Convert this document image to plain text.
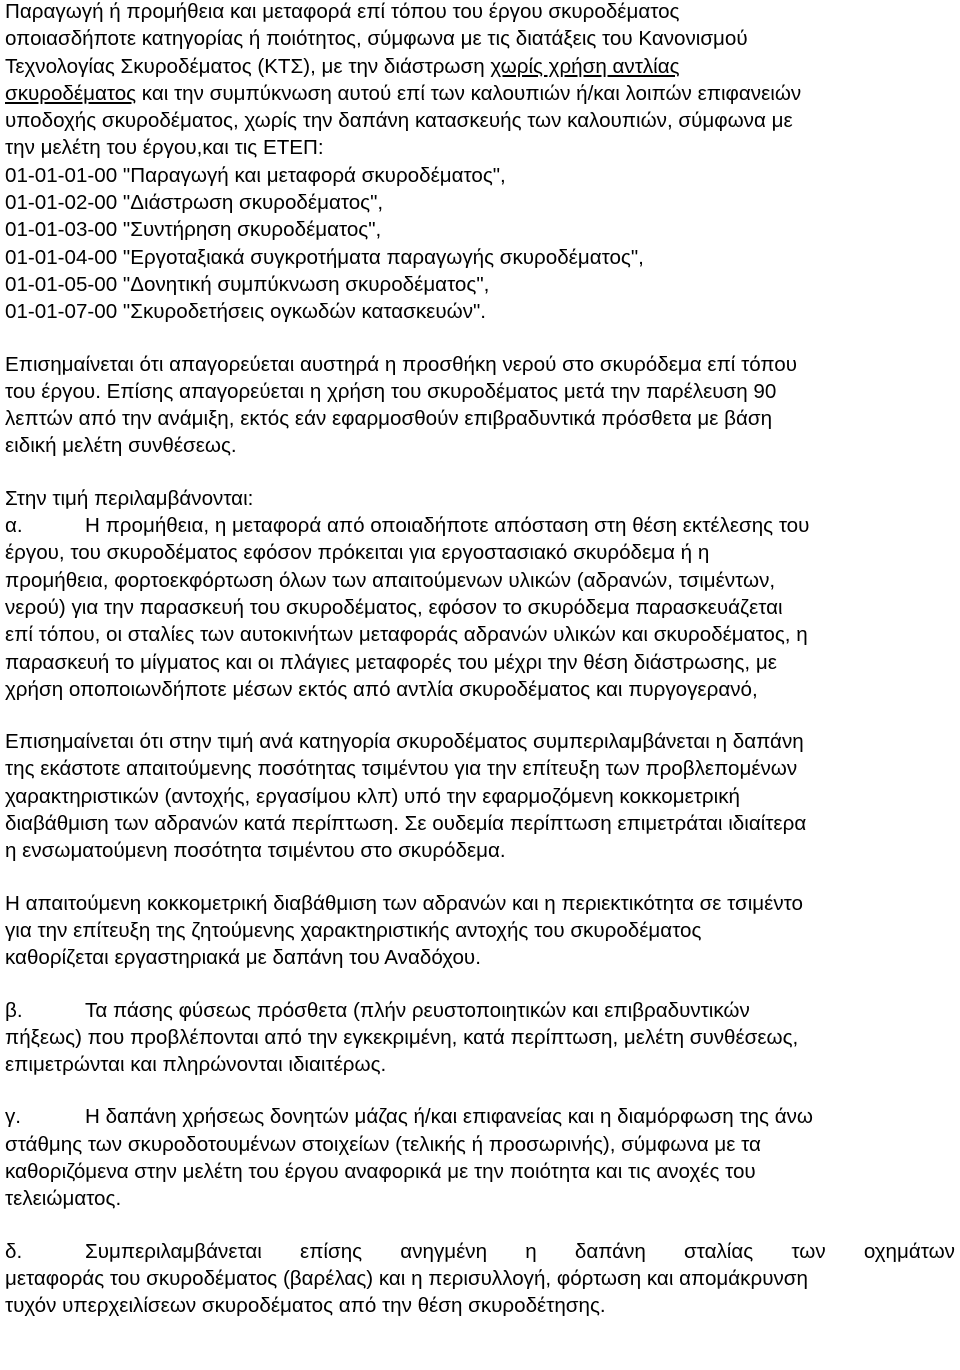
Παραγωγή ή προμήθεια και μεταφορά επί τόπου του έργου σκυροδέματος
οποιασδήποτε κατηγορίας ή ποιότητος, σύμφωνα με τις διατάξεις του Κανονισμού
Τεχνολογίας Σκυροδέματος (ΚΤΣ), με την διάστρωση χωρίς χρήση αντλίας
σκυροδέματος και την συμπύκνωση αυτού επί των καλουπιών ή/και λοιπών επιφανειών
υποδοχής σκυροδέματος, χωρίς την δαπάνη κατασκευής των καλουπιών, σύμφωνα με
την μελέτη του έργου,και τις ΕΤΕΠ:
01-01-01-00 "Παραγωγή και μεταφορά σκυροδέματος",
01-01-02-00 "Διάστρωση σκυροδέματος",
01-01-03-00 "Συντήρηση σκυροδέματος",
01-01-04-00 "Εργοταξιακά συγκροτήματα παραγωγής σκυροδέματος",
01-01-05-00 "Δονητική συμπύκνωση σκυροδέματος",
01-01-07-00 "Σκυροδετήσεις ογκωδών κατασκευών".
Επισημαίνεται ότι απαγορεύεται αυστηρά η προσθήκη νερού στο σκυρόδεμα επί τόπου
του έργου. Επίσης απαγορεύεται η χρήση του σκυροδέματος μετά την παρέλευση 90
λεπτών από την ανάμιξη, εκτός εάν εφαρμοσθούν επιβραδυντικά πρόσθετα με βάση
ειδική μελέτη συνθέσεως.
Στην τιμή περιλαμβάνονται:
α.	Η προμήθεια, η μεταφορά από οποιαδήποτε απόσταση στη θέση εκτέλεσης του
έργου, του σκυροδέματος εφόσον πρόκειται για εργοστασιακό σκυρόδεμα ή η
προμήθεια, φορτοεκφόρτωση όλων των απαιτούμενων υλικών (αδρανών, τσιμέντων,
νερού) για την παρασκευή του σκυροδέματος, εφόσον το σκυρόδεμα παρασκευάζεται
επί τόπου, οι σταλίες των αυτοκινήτων μεταφοράς αδρανών υλικών και σκυροδέματος, η
παρασκευή το μίγματος και οι πλάγιες μεταφορές του μέχρι την θέση διάστρωσης, με
χρήση οποποιωνδήποτε μέσων εκτός από αντλία σκυροδέματος και πυργογερανό,
Επισημαίνεται ότι στην τιμή ανά κατηγορία σκυροδέματος συμπεριλαμβάνεται η δαπάνη
της εκάστοτε απαιτούμενης ποσότητας τσιμέντου για την επίτευξη των προβλεπομένων
χαρακτηριστικών (αντοχής, εργασίμου κλπ) υπό την εφαρμοζόμενη κοκκομετρική
διαβάθμιση των αδρανών κατά περίπτωση. Σε ουδεμία περίπτωση επιμετράται ιδιαίτερα
η ενσωματούμενη ποσότητα τσιμέντου στο σκυρόδεμα.
Η απαιτούμενη κοκκομετρική διαβάθμιση των αδρανών και η περιεκτικότητα σε τσιμέντο
για την επίτευξη της ζητούμενης χαρακτηριστικής αντοχής του σκυροδέματος
καθορίζεται εργαστηριακά με δαπάνη του Αναδόχου.
β.	Τα πάσης φύσεως πρόσθετα (πλήν ρευστοποιητικών και επιβραδυντικών
πήξεως) που προβλέπονται από την εγκεκριμένη, κατά περίπτωση, μελέτη συνθέσεως,
επιμετρώνται και πληρώνονται ιδιαιτέρως.
γ.	Η δαπάνη χρήσεως δονητών μάζας ή/και επιφανείας και η διαμόρφωση της άνω
στάθμης των σκυροδοτουμένων στοιχείων (τελικής ή προσωρινής), σύμφωνα με τα
καθοριζόμενα στην μελέτη του έργου αναφορικά με την ποιότητα και τις ανοχές του
τελειώματος.
δ.	Συμπεριλαμβάνεται επίσης ανηγμένη η δαπάνη σταλίας των οχημάτων
μεταφοράς του σκυροδέματος (βαρέλας) και η περισυλλογή, φόρτωση και απομάκρυνση
τυχόν υπερχειλίσεων σκυροδέματος από την θέση σκυροδέτησης.
